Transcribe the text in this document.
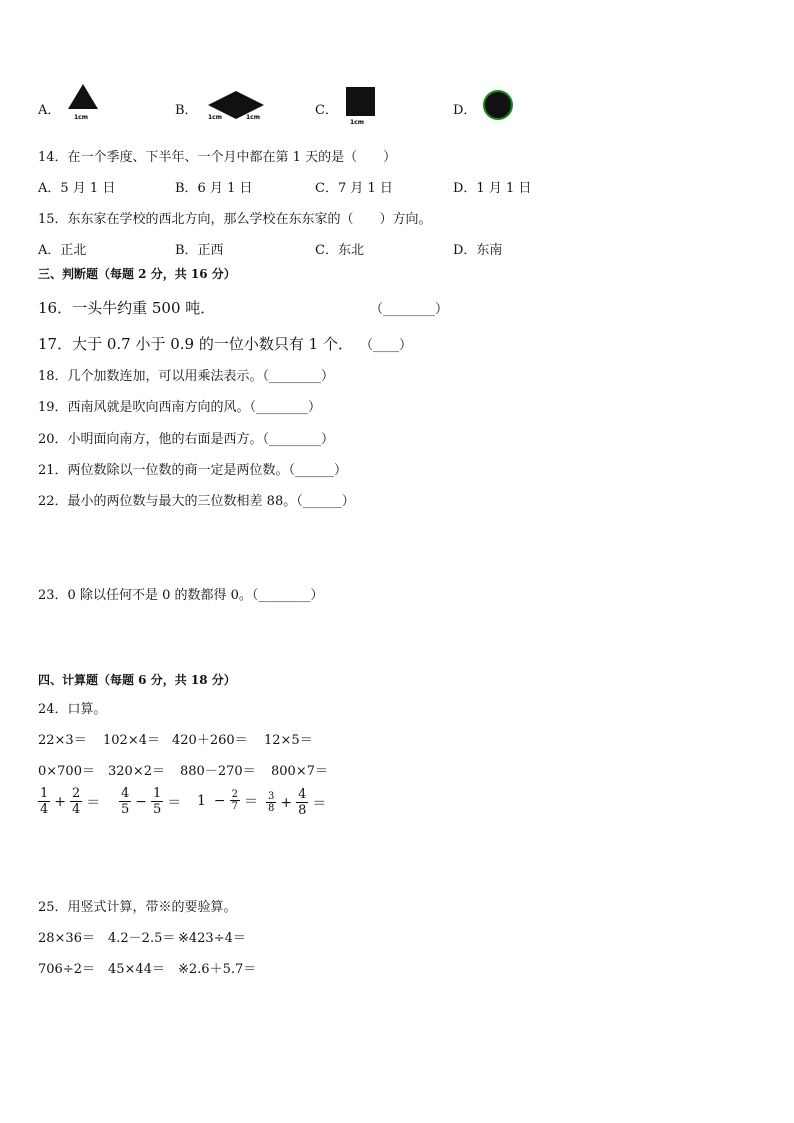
A． 1cm	B． 1cm	1cm	C．
1cm
D．
14．在一个季度、下半年、一个月中都在第 1 天的是（　　）
A．5 月 1 日	B．6 月 1 日	C．7 月 1 日	D．1 月 1 日
15．东东家在学校的西北方向，那么学校在东东家的（　　）方向。
A．正北	B．正西	C．东北	D．东南
三、判断题（每题 2 分，共 16 分）
16．一头牛约重 500 吨．	（________）
17．大于 0.7 小于 0.9 的一位小数只有 1 个． （____）
18．几个加数连加，可以用乘法表示。（________）
19．西南风就是吹向西南方向的风。（________）
20．小明面向南方，他的右面是西方。（________）
21．两位数除以一位数的商一定是两位数。（______）
22．最小的两位数与最大的三位数相差 88。（______）
23．0 除以任何不是 0 的数都得 0。（________）
四、计算题（每题 6 分，共 18 分）
24．口算。
22×3＝ 102×4＝ 420＋260＝ 12×5＝
0×700＝ 320×2＝ 880－270＝ 800×7＝
$\frac{1}{4} + \frac{2}{4} = \frac{4}{5} - \frac{1}{5} = 1 - \frac{2}{7} = \frac{3}{8} + \frac{4}{8}$ ＝
25．用竖式计算，带※的要验算。
28×36＝ 4.2－2.5＝ ※423÷4＝
706÷2＝ 45×44＝ ※2.6＋5.7＝
